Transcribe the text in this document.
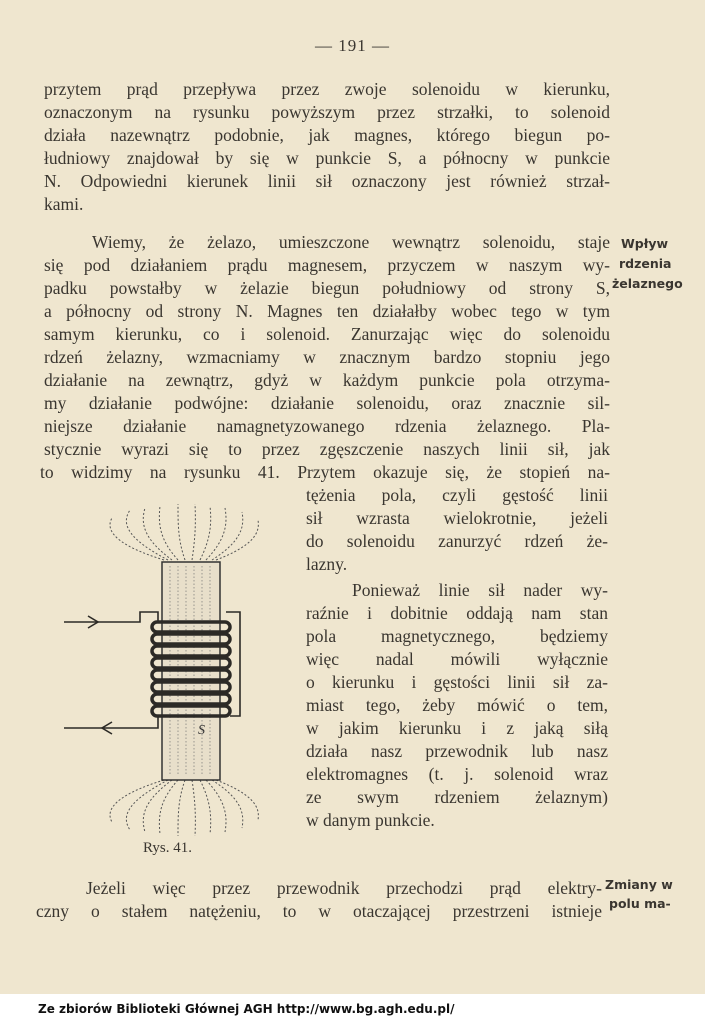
— 191 —
przytem prąd przepływa przez zwoje solenoidu w kierunku,
oznaczonym na rysunku powyższym przez strzałki, to solenoid
działa nazewnątrz podobnie, jak magnes, którego biegun po-
łudniowy znajdował by się w punkcie S, a północny w punkcie
N. Odpowiedni kierunek linii sił oznaczony jest również strzał-
kami.
Wiemy, że żelazo, umieszczone wewnątrz solenoidu, staje
się pod działaniem prądu magnesem, przyczem w naszym wy-
padku powstałby w żelazie biegun południowy od strony S,
a północny od strony N. Magnes ten działałby wobec tego w tym
samym kierunku, co i solenoid. Zanurzając więc do solenoidu
rdzeń żelazny, wzmacniamy w znacznym bardzo stopniu jego
działanie na zewnątrz, gdyż w każdym punkcie pola otrzyma-
my działanie podwójne: działanie solenoidu, oraz znacznie sil-
niejsze działanie namagnetyzowanego rdzenia żelaznego. Pla-
stycznie wyrazi się to przez zgęszczenie naszych linii sił, jak
to widzimy na rysunku 41. Przytem okazuje się, że stopień na-
tężenia pola, czyli gęstość linii
sił wzrasta wielokrotnie, jeżeli
do solenoidu zanurzyć rdzeń że-
lazny.
Ponieważ linie sił nader wy-
raźnie i dobitnie oddają nam stan
pola magnetycznego, będziemy
więc nadal mówili wyłącznie
o kierunku i gęstości linii sił za-
miast tego, żeby mówić o tem,
w jakim kierunku i z jaką siłą
działa nasz przewodnik lub nasz
elektromagnes (t. j. solenoid wraz
ze swym rdzeniem żelaznym)
w danym punkcie.
Jeżeli więc przez przewodnik przechodzi prąd elektry-
czny o stałem natężeniu, to w otaczającej przestrzeni istnieje
Wpływ
rdzenia
żelaznego
Zmiany w
polu ma-
S
Rys. 41.
Ze zbiorów Biblioteki Głównej AGH http://www.bg.agh.edu.pl/
